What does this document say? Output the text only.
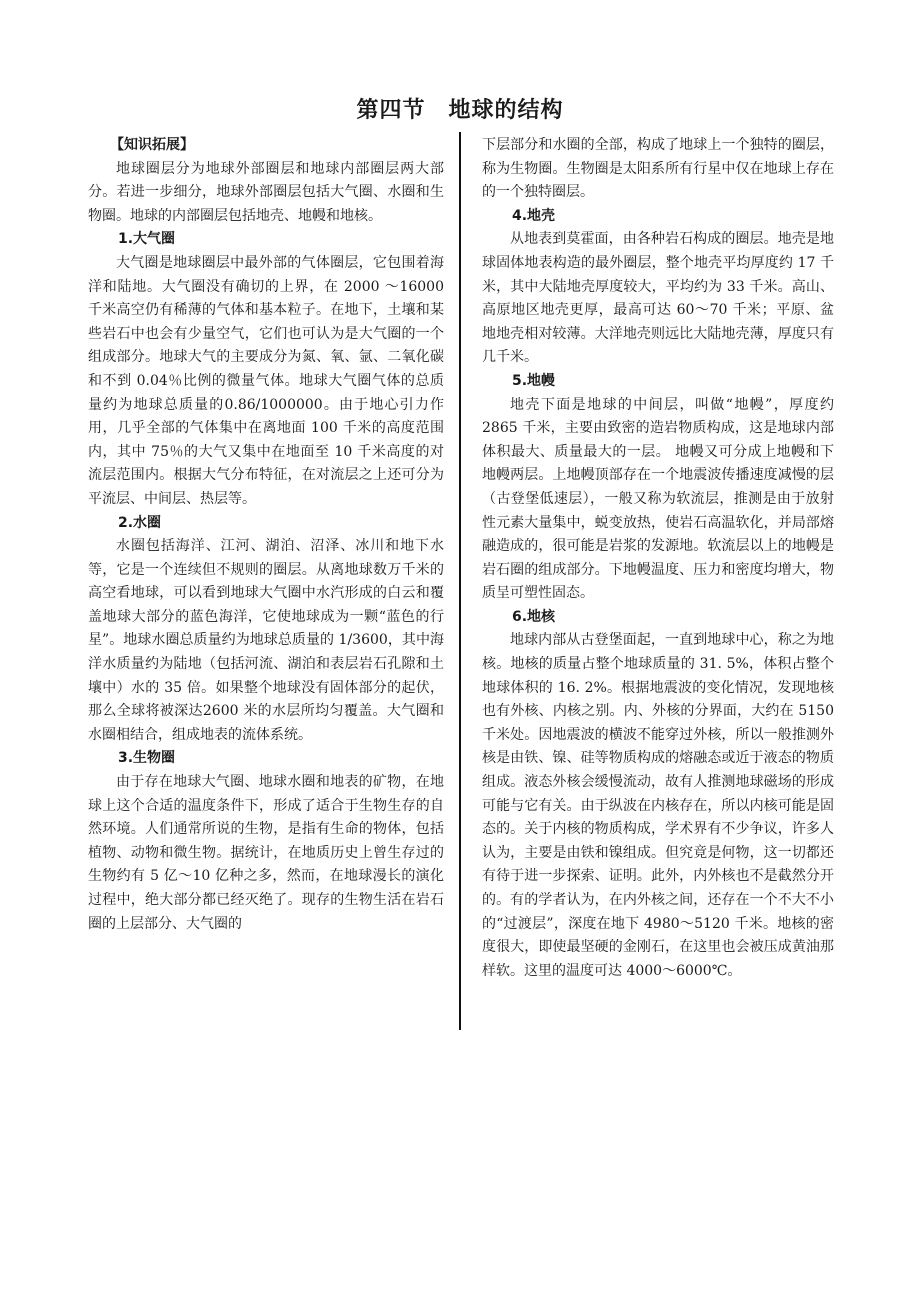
第四节　地球的结构
【知识拓展】

地球圈层分为地球外部圈层和地球内部圈层两大部分。若进一步细分，地球外部圈层包括大气圈、水圈和生物圈。地球的内部圈层包括地壳、地幔和地核。

1.大气圈

大气圈是地球圈层中最外部的气体圈层，它包围着海洋和陆地。大气圈没有确切的上界，在 2000 ～16000 千米高空仍有稀薄的气体和基本粒子。在地下，土壤和某些岩石中也会有少量空气，它们也可认为是大气圈的一个组成部分。地球大气的主要成分为氮、氧、氩、二氧化碳和不到 0.04％比例的微量气体。地球大气圈气体的总质量约为地球总质量的0.86/1000000。由于地心引力作用，几乎全部的气体集中在离地面 100 千米的高度范围内，其中 75％的大气又集中在地面至 10 千米高度的对流层范围内。根据大气分布特征，在对流层之上还可分为平流层、中间层、热层等。

2.水圈

水圈包括海洋、江河、湖泊、沼泽、冰川和地下水等，它是一个连续但不规则的圈层。从离地球数万千米的高空看地球，可以看到地球大气圈中水汽形成的白云和覆盖地球大部分的蓝色海洋，它使地球成为一颗“蓝色的行星”。地球水圈总质量约为地球总质量的 1/3600，其中海洋水质量约为陆地（包括河流、湖泊和表层岩石孔隙和土壤中）水的 35 倍。如果整个地球没有固体部分的起伏，那么全球将被深达2600 米的水层所均匀覆盖。大气圈和水圈相结合，组成地表的流体系统。

3.生物圈

由于存在地球大气圈、地球水圈和地表的矿物，在地球上这个合适的温度条件下，形成了适合于生物生存的自然环境。人们通常所说的生物，是指有生命的物体，包括植物、动物和微生物。据统计，在地质历史上曾生存过的生物约有 5 亿～10 亿种之多，然而，在地球漫长的演化过程中，绝大部分都已经灭绝了。现存的生物生活在岩石圈的上层部分、大气圈的

下层部分和水圈的全部，构成了地球上一个独特的圈层，称为生物圈。生物圈是太阳系所有行星中仅在地球上存在的一个独特圈层。

4.地壳

从地表到莫霍面，由各种岩石构成的圈层。地壳是地球固体地表构造的最外圈层，整个地壳平均厚度约 17 千米，其中大陆地壳厚度较大，平均约为 33 千米。高山、高原地区地壳更厚，最高可达 60～70 千米；平原、盆地地壳相对较薄。大洋地壳则远比大陆地壳薄，厚度只有几千米。

5.地幔

地壳下面是地球的中间层，叫做“地幔”，厚度约 2865 千米，主要由致密的造岩物质构成，这是地球内部体积最大、质量最大的一层。 地幔又可分成上地幔和下地幔两层。上地幔顶部存在一个地震波传播速度减慢的层（古登堡低速层），一般又称为软流层，推测是由于放射性元素大量集中，蜕变放热，使岩石高温软化，并局部熔融造成的，很可能是岩浆的发源地。软流层以上的地幔是岩石圈的组成部分。下地幔温度、压力和密度均增大，物质呈可塑性固态。

6.地核

地球内部从古登堡面起，一直到地球中心，称之为地核。地核的质量占整个地球质量的 31. 5%，体积占整个地球体积的 16. 2%。根据地震波的变化情况，发现地核也有外核、内核之别。内、外核的分界面，大约在 5150 千米处。因地震波的横波不能穿过外核，所以一般推测外核是由铁、镍、硅等物质构成的熔融态或近于液态的物质组成。液态外核会缓慢流动，故有人推测地球磁场的形成可能与它有关。由于纵波在内核存在，所以内核可能是固态的。关于内核的物质构成，学术界有不少争议，许多人认为，主要是由铁和镍组成。但究竟是何物，这一切都还有待于进一步探索、证明。此外，内外核也不是截然分开的。有的学者认为，在内外核之间，还存在一个不大不小的“过渡层”，深度在地下 4980～5120 千米。地核的密度很大，即使最坚硬的金刚石，在这里也会被压成黄油那样软。这里的温度可达 4000～6000℃。
